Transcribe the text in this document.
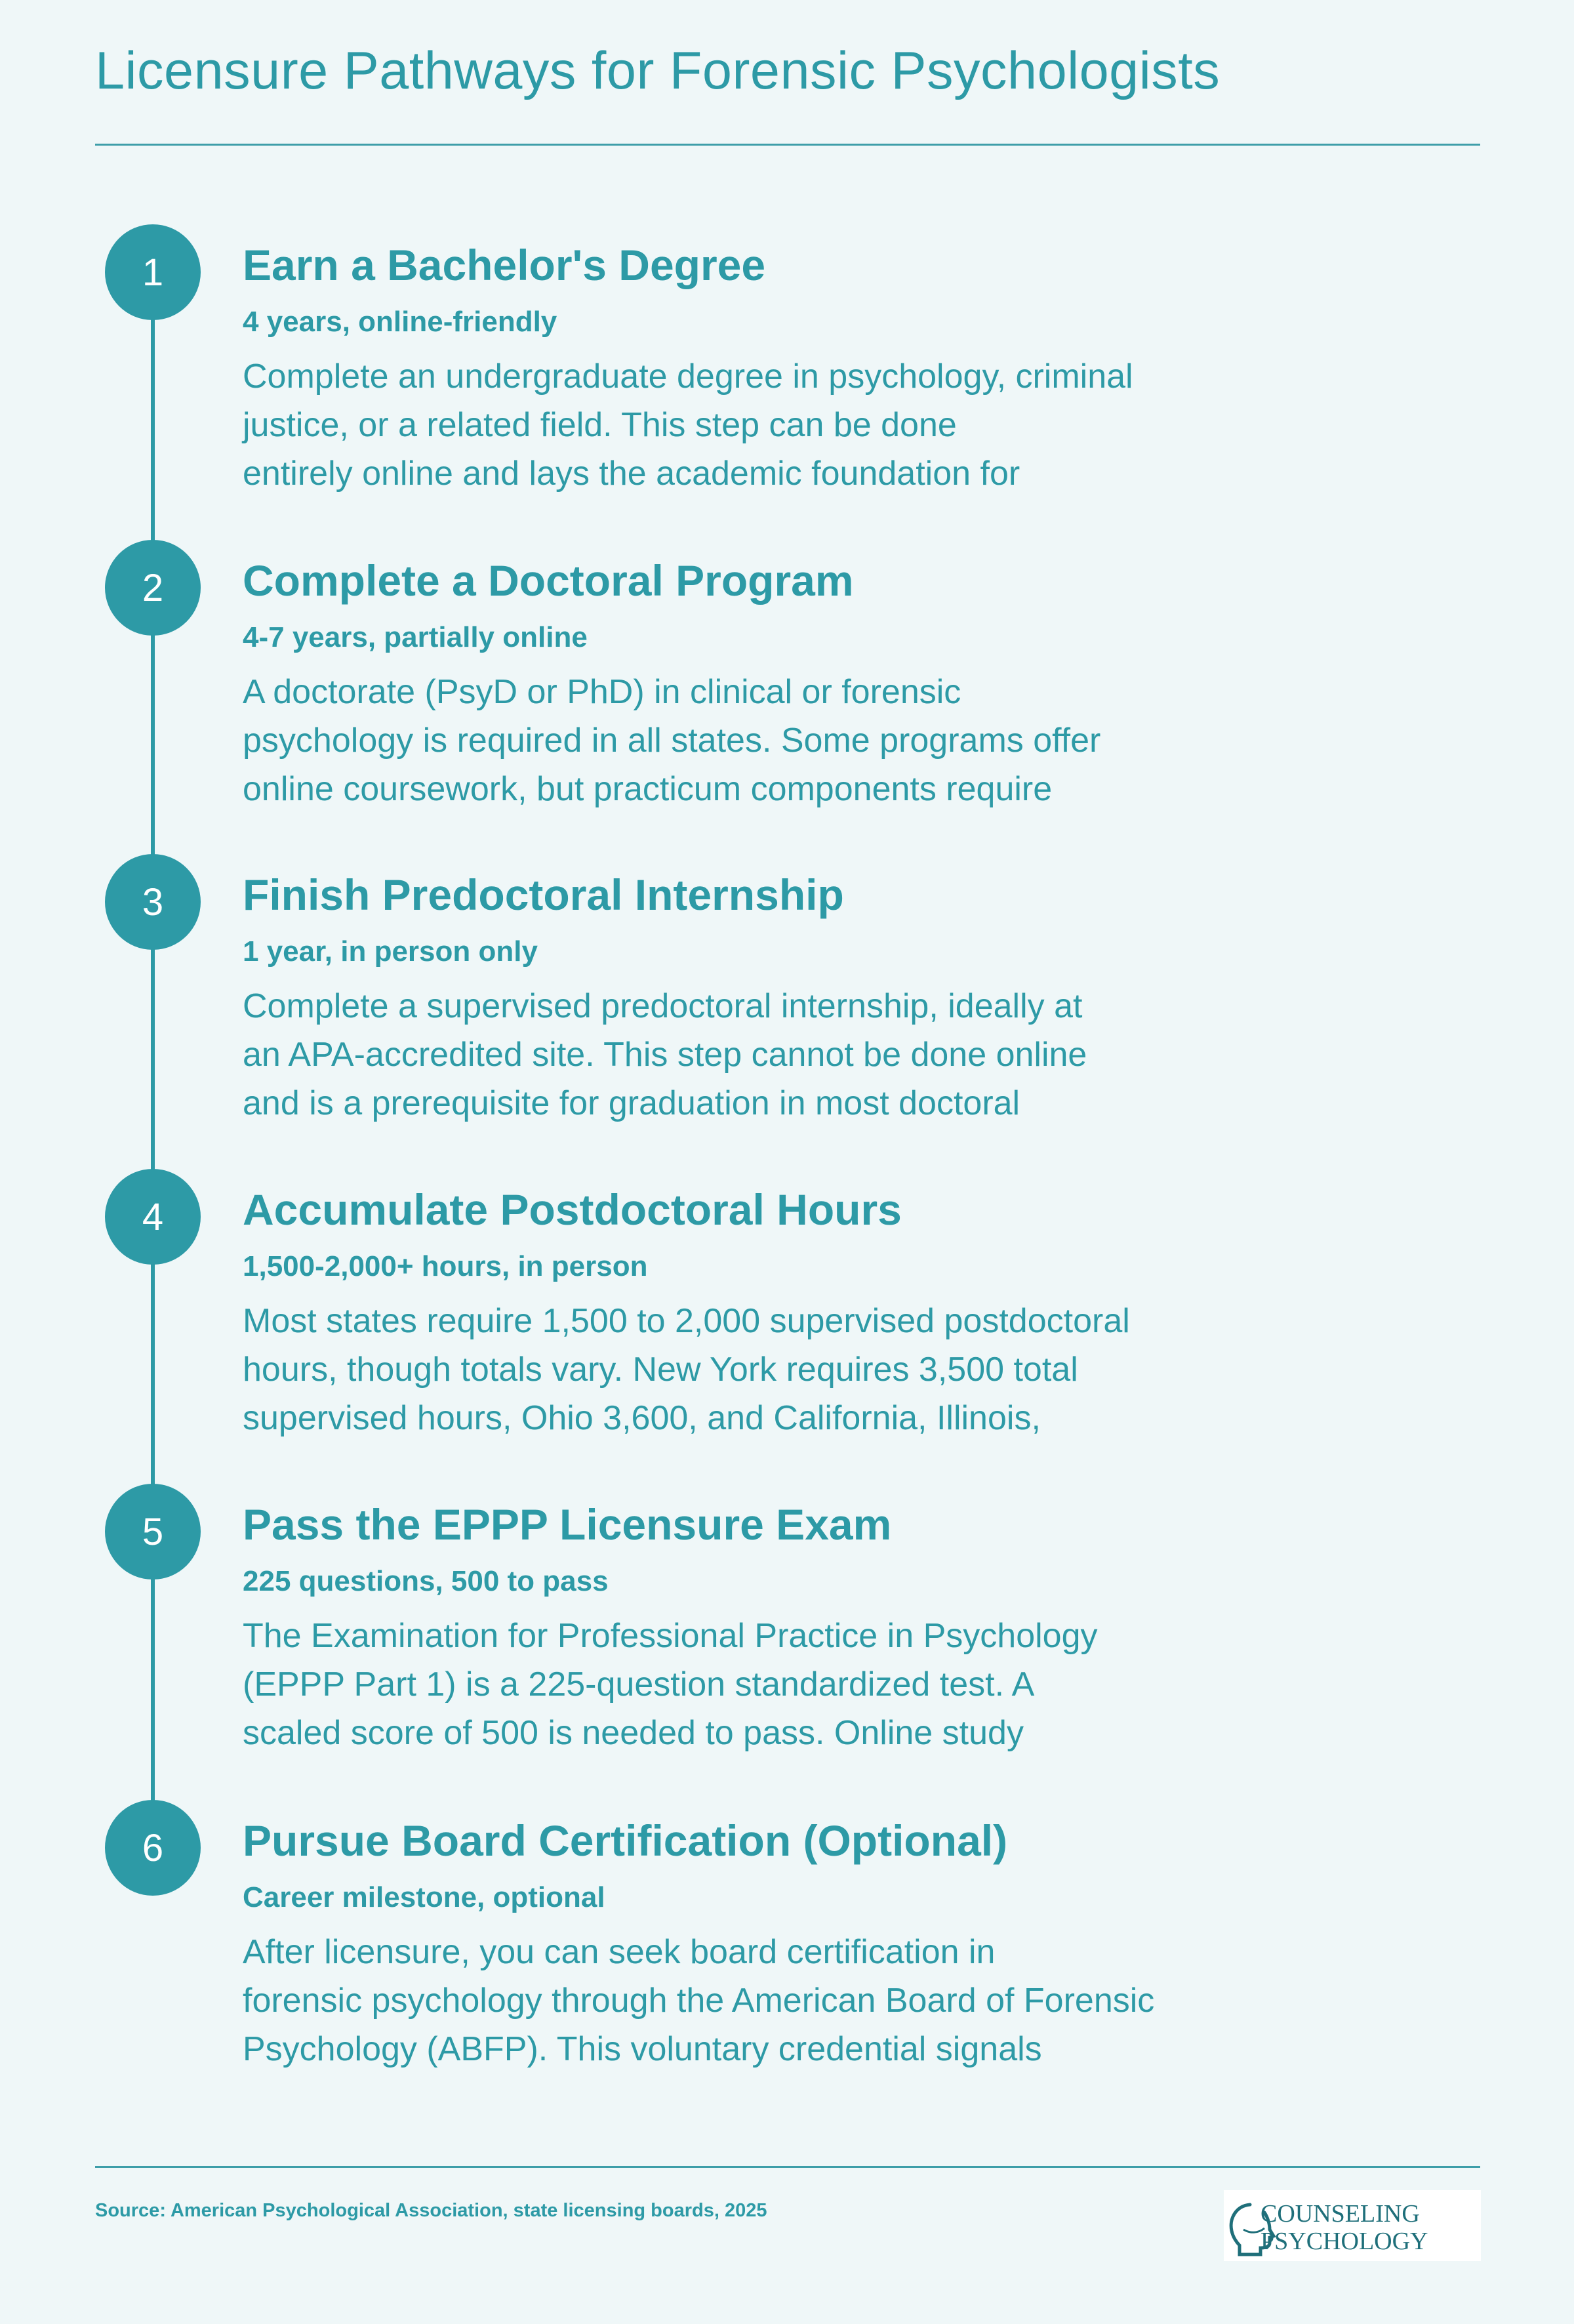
Licensure Pathways for Forensic Psychologists
1	Earn a Bachelor's Degree
4 years, online-friendly
Complete an undergraduate degree in psychology, criminal
justice, or a related field. This step can be done
entirely online and lays the academic foundation for
2	Complete a Doctoral Program
4-7 years, partially online
A doctorate (PsyD or PhD) in clinical or forensic
psychology is required in all states. Some programs offer
online coursework, but practicum components require
3	Finish Predoctoral Internship
1 year, in person only
Complete a supervised predoctoral internship, ideally at
an APA-accredited site. This step cannot be done online
and is a prerequisite for graduation in most doctoral
4	Accumulate Postdoctoral Hours
1,500-2,000+ hours, in person
Most states require 1,500 to 2,000 supervised postdoctoral
hours, though totals vary. New York requires 3,500 total
supervised hours, Ohio 3,600, and California, Illinois,
5	Pass the EPPP Licensure Exam
225 questions, 500 to pass
The Examination for Professional Practice in Psychology
(EPPP Part 1) is a 225-question standardized test. A
scaled score of 500 is needed to pass. Online study
6	Pursue Board Certification (Optional)
Career milestone, optional
After licensure, you can seek board certification in
forensic psychology through the American Board of Forensic
Psychology (ABFP). This voluntary credential signals
Source: American Psychological Association, state licensing boards, 2025	COUNSELING
PSYCHOLOGY
